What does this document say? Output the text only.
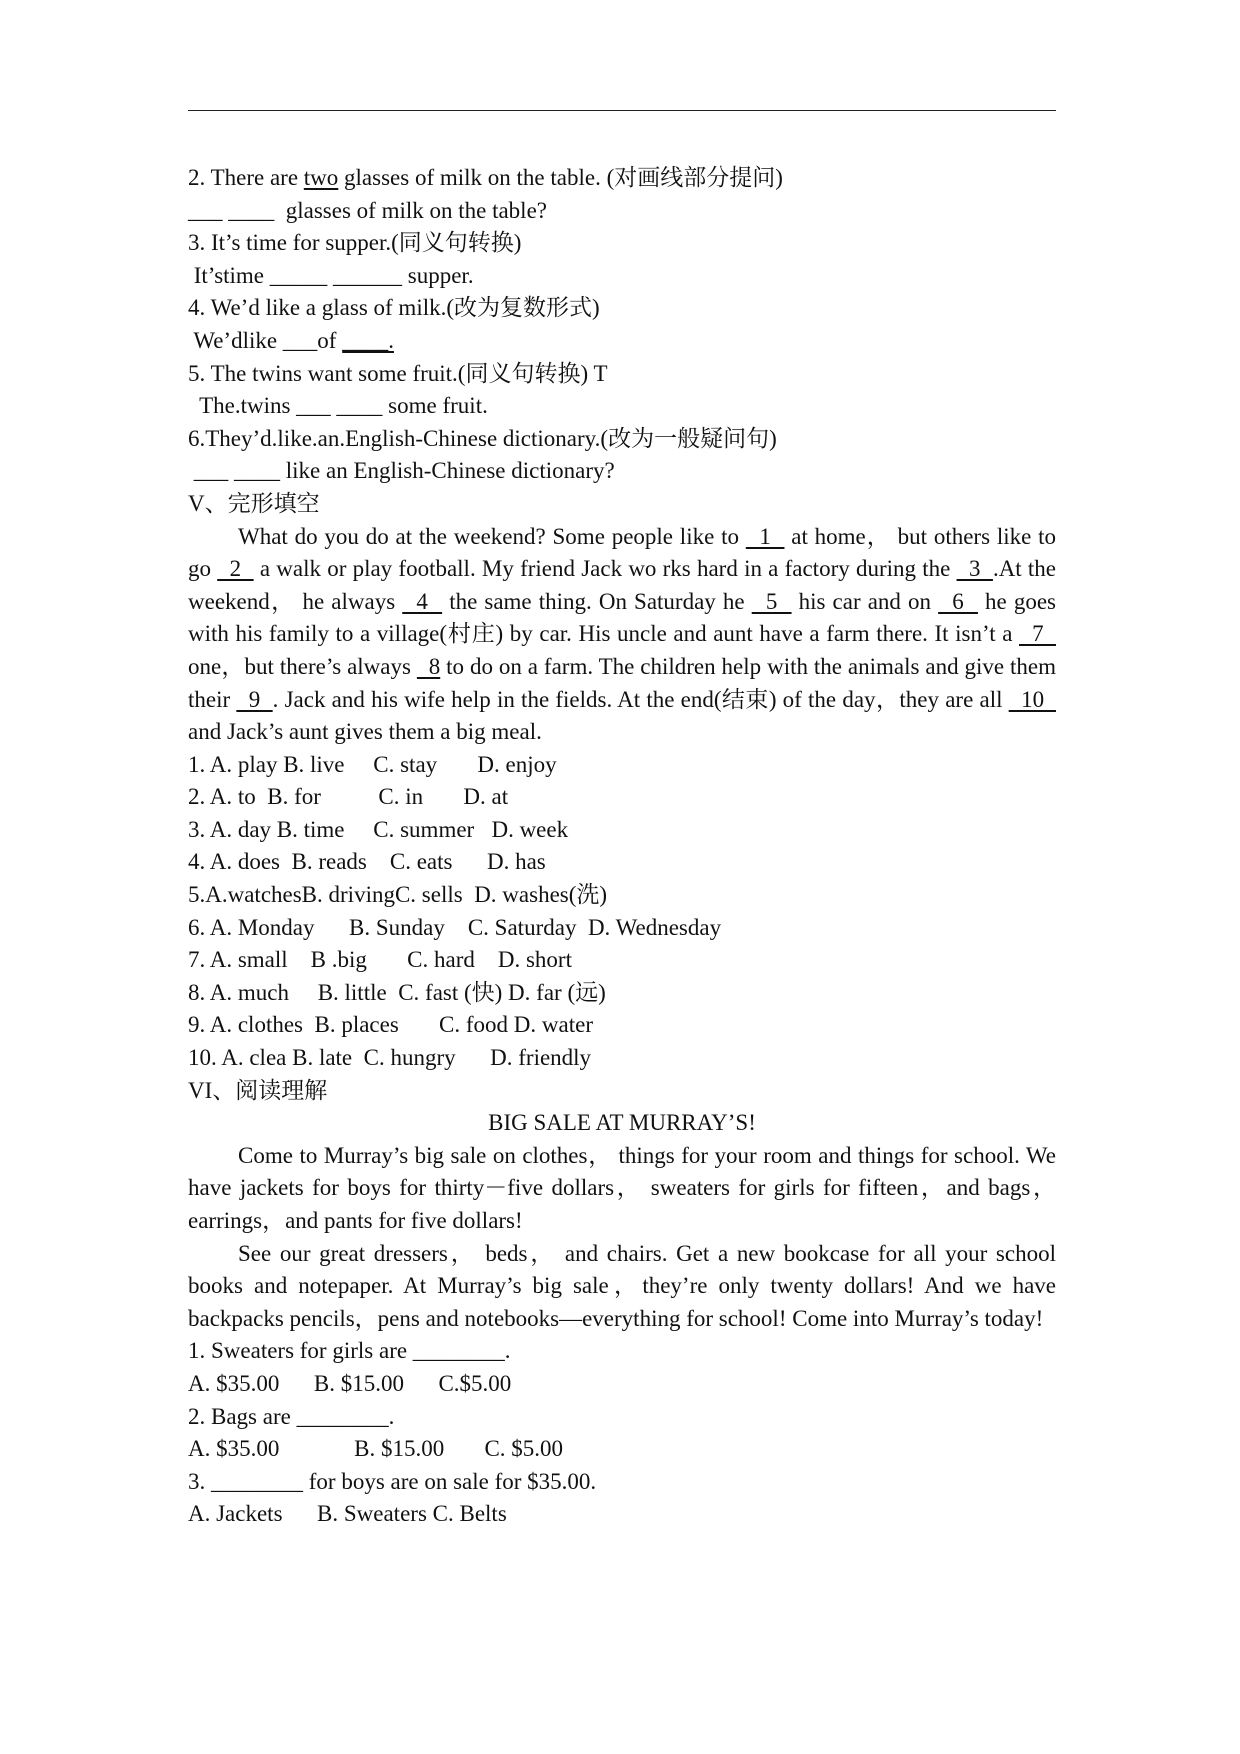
2. There are two glasses of milk on the table. (对画线部分提问)
___ ____  glasses of milk on the table?
3. It’s time for supper.(同义句转换)
It’stime _____ ______ supper.
4. We’d like a glass of milk.(改为复数形式)
We’dlike ___of ____.
5. The twins want some fruit.(同义句转换) T
The.twins ___ ____ some fruit.
6.They’d.like.an.English-Chinese dictionary.(改为一般疑问句)
___ ____ like an English-Chinese dictionary?
V、完形填空

What do you do at the weekend? Some people like to   1   at home， but others like to go   2   a walk or play football. My friend Jack wo rks hard in a factory during the   3  .At the weekend， he always   4   the same thing. On Saturday he   5   his car and on   6   he goes with his family to a village(村庄) by car. His uncle and aunt have a farm there. It isn’t a   7   one，but there’s always   8 to do on a farm. The children help with the animals and give them their   9  . Jack and his wife help in the fields. At the end(结束) of the day，they are all   10   and Jack’s aunt gives them a big meal.

1. A. play B. live     C. stay       D. enjoy
2. A. to  B. for          C. in       D. at
3. A. day B. time     C. summer   D. week
4. A. does  B. reads    C. eats      D. has
5.A.watchesB. drivingC. sells  D. washes(洗)
6. A. Monday      B. Sunday    C. Saturday  D. Wednesday
7. A. small    B .big       C. hard    D. short
8. A. much     B. little  C. fast (快) D. far (远)
9. A. clothes  B. places       C. food D. water
10. A. clea B. late  C. hungry      D. friendly
VI、阅读理解
BIG SALE AT MURRAY’S!

Come to Murray’s big sale on clothes， things for your room and things for school. We have jackets for boys for thirty－five dollars， sweaters for girls for fifteen，and bags，earrings，and pants for five dollars!

See our great dressers， beds， and chairs. Get a new bookcase for all your school books and notepaper. At Murray’s big sale，they’re only twenty dollars! And we have backpacks pencils，pens and notebooks—everything for school! Come into Murray’s today!

1. Sweaters for girls are ________.
A. $35.00      B. $15.00      C.$5.00
2. Bags are ________.
A. $35.00             B. $15.00       C. $5.00
3. ________ for boys are on sale for $35.00.
A. Jackets      B. Sweaters C. Belts
